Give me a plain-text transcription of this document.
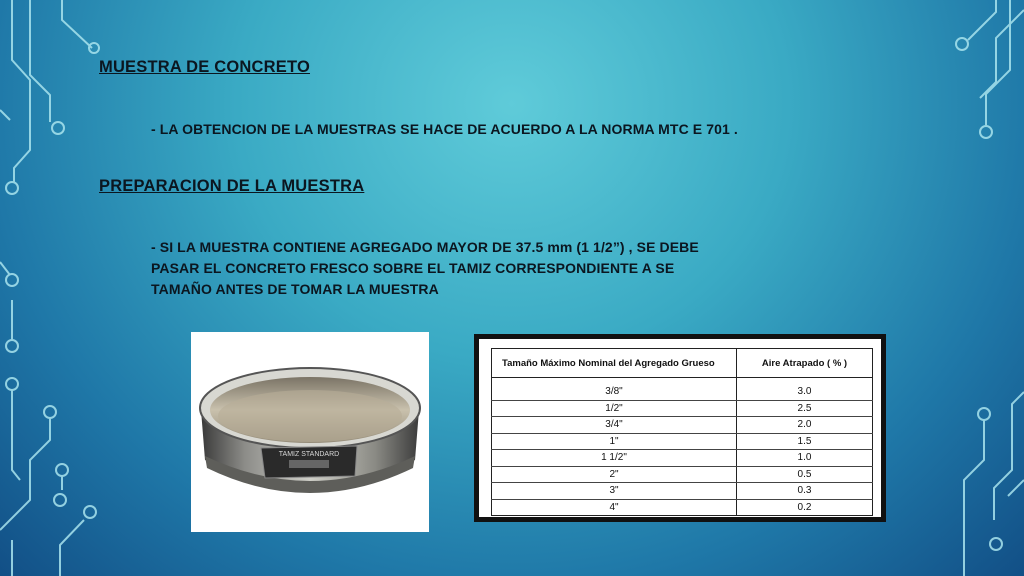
MUESTRA DE CONCRETO
- LA OBTENCION DE LA MUESTRAS SE HACE DE ACUERDO A LA NORMA MTC E 701 .
PREPARACION DE LA MUESTRA
- SI LA MUESTRA CONTIENE AGREGADO MAYOR DE 37.5 mm (1 1/2”) , SE DEBE
PASAR EL CONCRETO FRESCO SOBRE EL TAMIZ CORRESPONDIENTE A SE
TAMAÑO ANTES DE TOMAR LA MUESTRA
TAMIZ STANDARD
Tamaño Máximo Nominal del Agregado Grueso	Aire Atrapado ( % )

3/8"	3.0
1/2"	2.5
3/4"	2.0
1"	1.5
1 1/2"	1.0
2"	0.5
3"	0.3
4"	0.2
